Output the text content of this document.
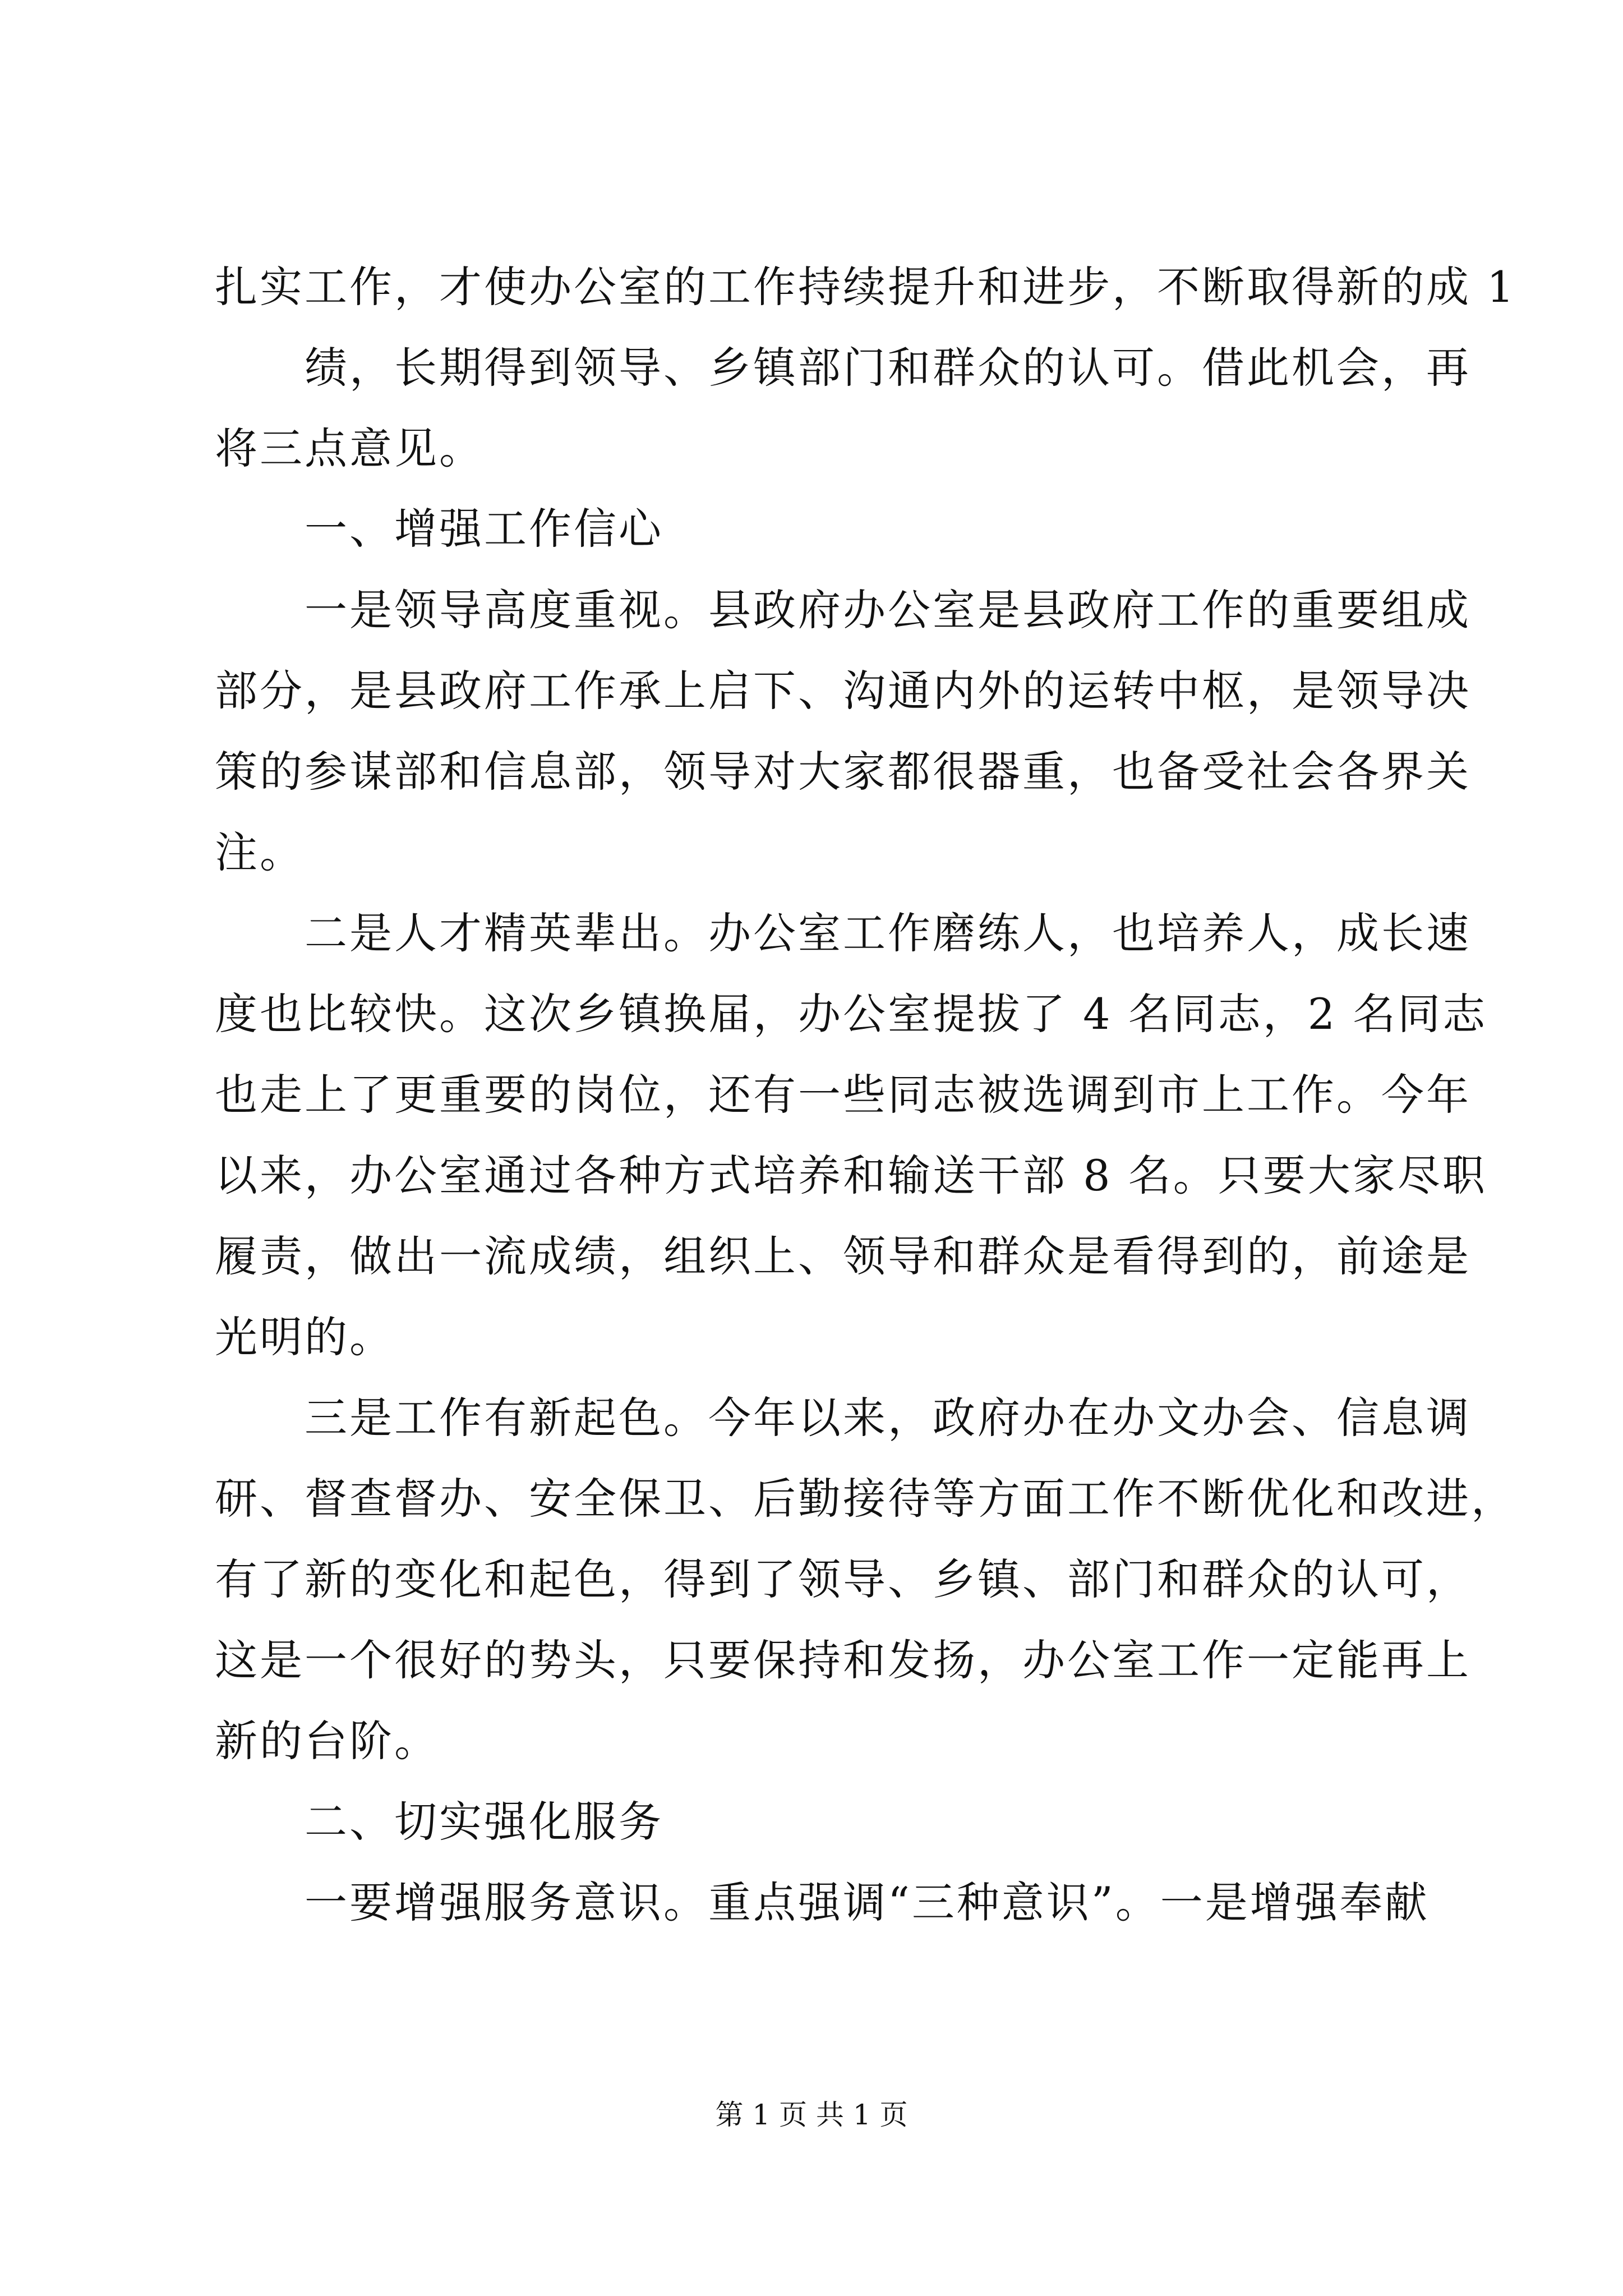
扎 实 工 作 ， 才 使 办 公 室 的 工 作 持 续 提 升 和 进 步 ， 不 断 取 得 新 的 成
1

绩 ， 长 期 得 到 领 导 、 乡 镇 部 门 和 群 众 的 认 可 。 借 此 机 会 ， 再
将三点意见。
　　一、增强工作信心

一 是 领 导 高 度 重 视 。 县 政 府 办 公 室 是 县 政 府 工 作 的 重 要 组 成
部 分 ， 是 县 政 府 工 作 承 上 启 下 、 沟 通 内 外 的 运 转 中 枢 ， 是 领 导 决
策 的 参 谋 部 和 信 息 部 ， 领 导 对 大 家 都 很 器 重 ， 也 备 受 社 会 各 界 关
注。

二 是 人 才 精 英 辈 出 。 办 公 室 工 作 磨 练 人 ， 也 培 养 人 ， 成 长 速
度 也 比 较 快 。 这 次 乡 镇 换 届 ， 办 公 室 提 拔 了
4
名 同 志 ， 2
名 同 志
也 走 上 了 更 重 要 的 岗 位 ， 还 有 一 些 同 志 被 选 调 到 市 上 工 作 。 今 年
以 来 ， 办 公 室 通 过 各 种 方 式 培 养 和 输 送 干 部
8
名 。 只 要 大 家 尽 职
履 责 ， 做 出 一 流 成 绩 ， 组 织 上 、 领 导 和 群 众 是 看 得 到 的 ， 前 途 是
光明的。

三 是 工 作 有 新 起 色 。 今 年 以 来 ， 政 府 办 在 办 文 办 会 、 信 息 调
研 、 督 查 督 办 、 安 全 保 卫 、 后 勤 接 待 等 方 面 工 作 不 断 优 化 和 改 进 ，
有 了 新 的 变 化 和 起 色 ， 得 到 了 领 导 、 乡 镇 、 部 门 和 群 众 的 认 可 ，
这 是 一 个 很 好 的 势 头 ， 只 要 保 持 和 发 扬 ， 办 公 室 工 作 一 定 能 再 上
新的台阶。
　　二、切实强化服务

一 要 增 强 服 务 意 识 。 重 点 强 调 “ 三 种 意 识 ” 。 一 是 增 强 奉 献
第 1 页 共 1 页
